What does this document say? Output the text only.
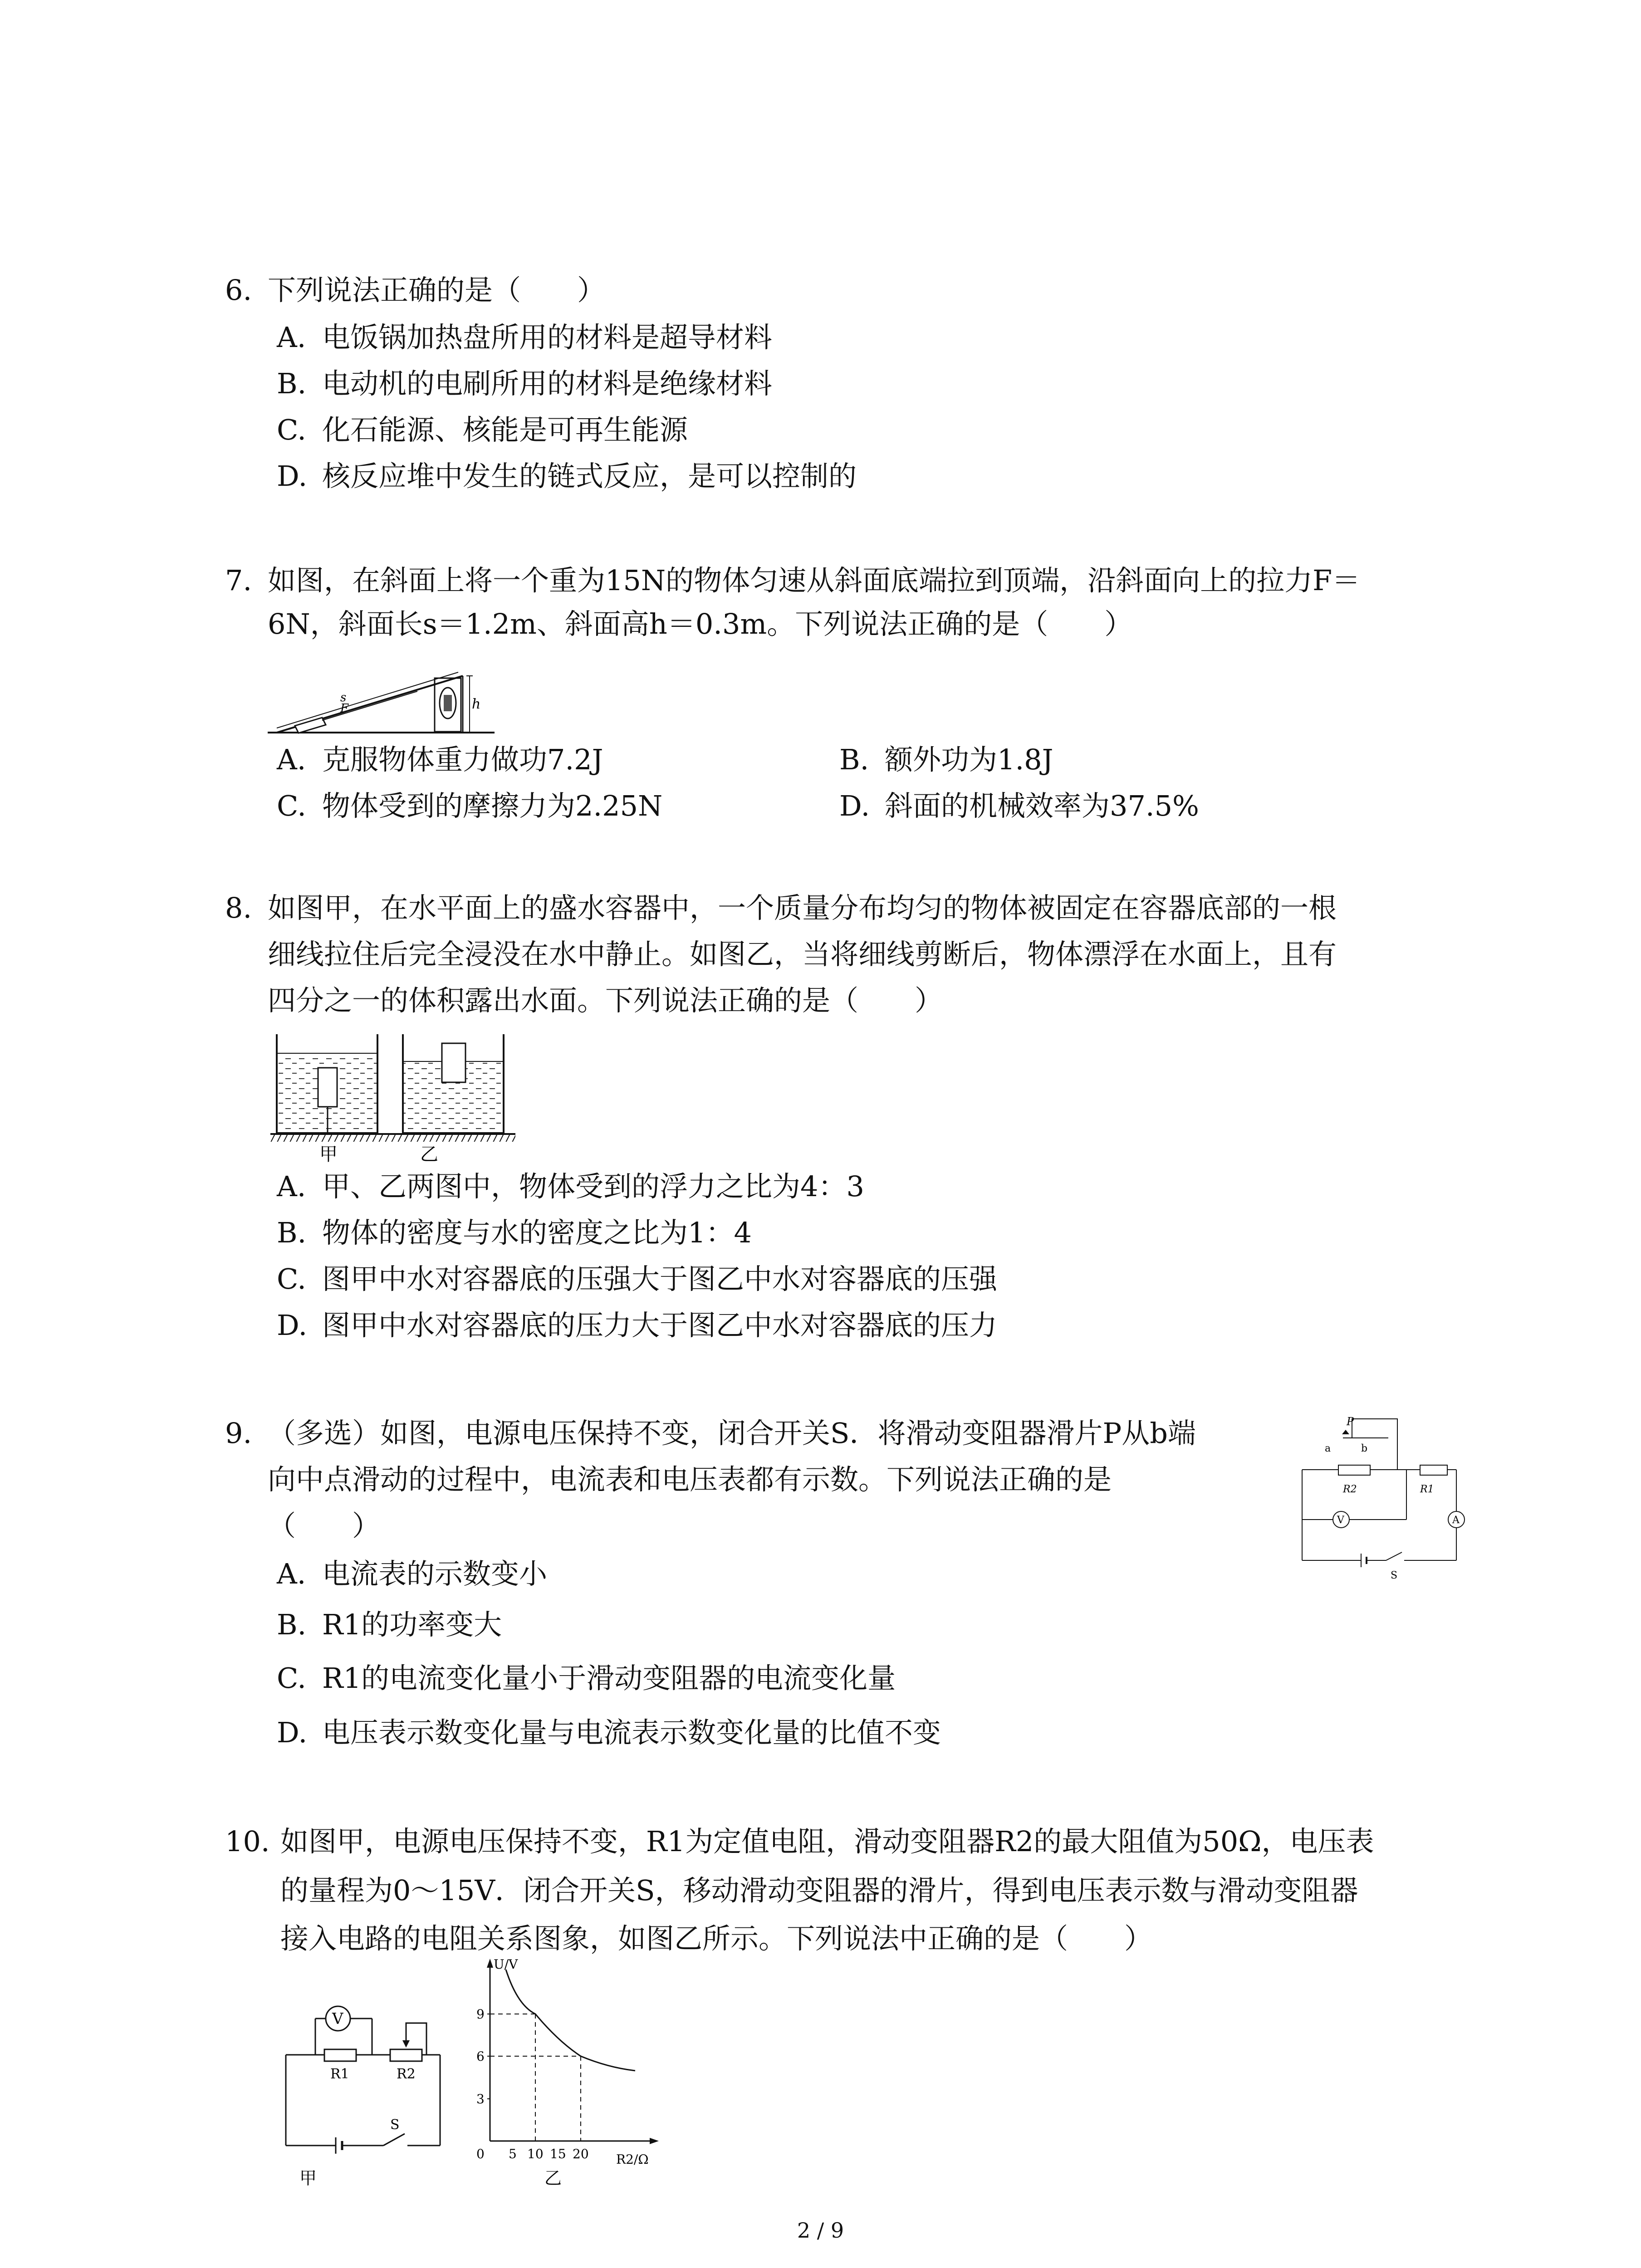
6. 下列说法正确的是（　　）
A. 电饭锅加热盘所用的材料是超导材料
B. 电动机的电刷所用的材料是绝缘材料
C. 化石能源、核能是可再生能源
D. 核反应堆中发生的链式反应，是可以控制的
7. 如图，在斜面上将一个重为15N的物体匀速从斜面底端拉到顶端，沿斜面向上的拉力F＝
6N，斜面长s＝1.2m、斜面高h＝0.3m。下列说法正确的是（　　）
h
s
F
A. 克服物体重力做功7.2J	B. 额外功为1.8J
C. 物体受到的摩擦力为2.25N	D. 斜面的机械效率为37.5%
8. 如图甲，在水平面上的盛水容器中，一个质量分布均匀的物体被固定在容器底部的一根
细线拉住后完全浸没在水中静止。如图乙，当将细线剪断后，物体漂浮在水面上，且有
四分之一的体积露出水面。下列说法正确的是（　　）
甲	乙
A. 甲、乙两图中，物体受到的浮力之比为4：3
B. 物体的密度与水的密度之比为1：4
C. 图甲中水对容器底的压强大于图乙中水对容器底的压强
D. 图甲中水对容器底的压力大于图乙中水对容器底的压力
9. （多选）如图，电源电压保持不变，闭合开关S．将滑动变阻器滑片P从b端
向中点滑动的过程中，电流表和电压表都有示数。下列说法正确的是
（　　）
P
a	b
R2	R1
V	A
S
A. 电流表的示数变小
B. R1的功率变大
C. R1的电流变化量小于滑动变阻器的电流变化量
D. 电压表示数变化量与电流表示数变化量的比值不变
10. 如图甲，电源电压保持不变，R1为定值电阻，滑动变阻器R2的最大阻值为50Ω，电压表
的量程为0～15V．闭合开关S，移动滑动变阻器的滑片，得到电压表示数与滑动变阻器
接入电路的电阻关系图象，如图乙所示。下列说法中正确的是（　　）
V
R1	R2
S
甲
U/V
R2/Ω
9
6
3
0 5 10 15 20
乙
2 / 9
